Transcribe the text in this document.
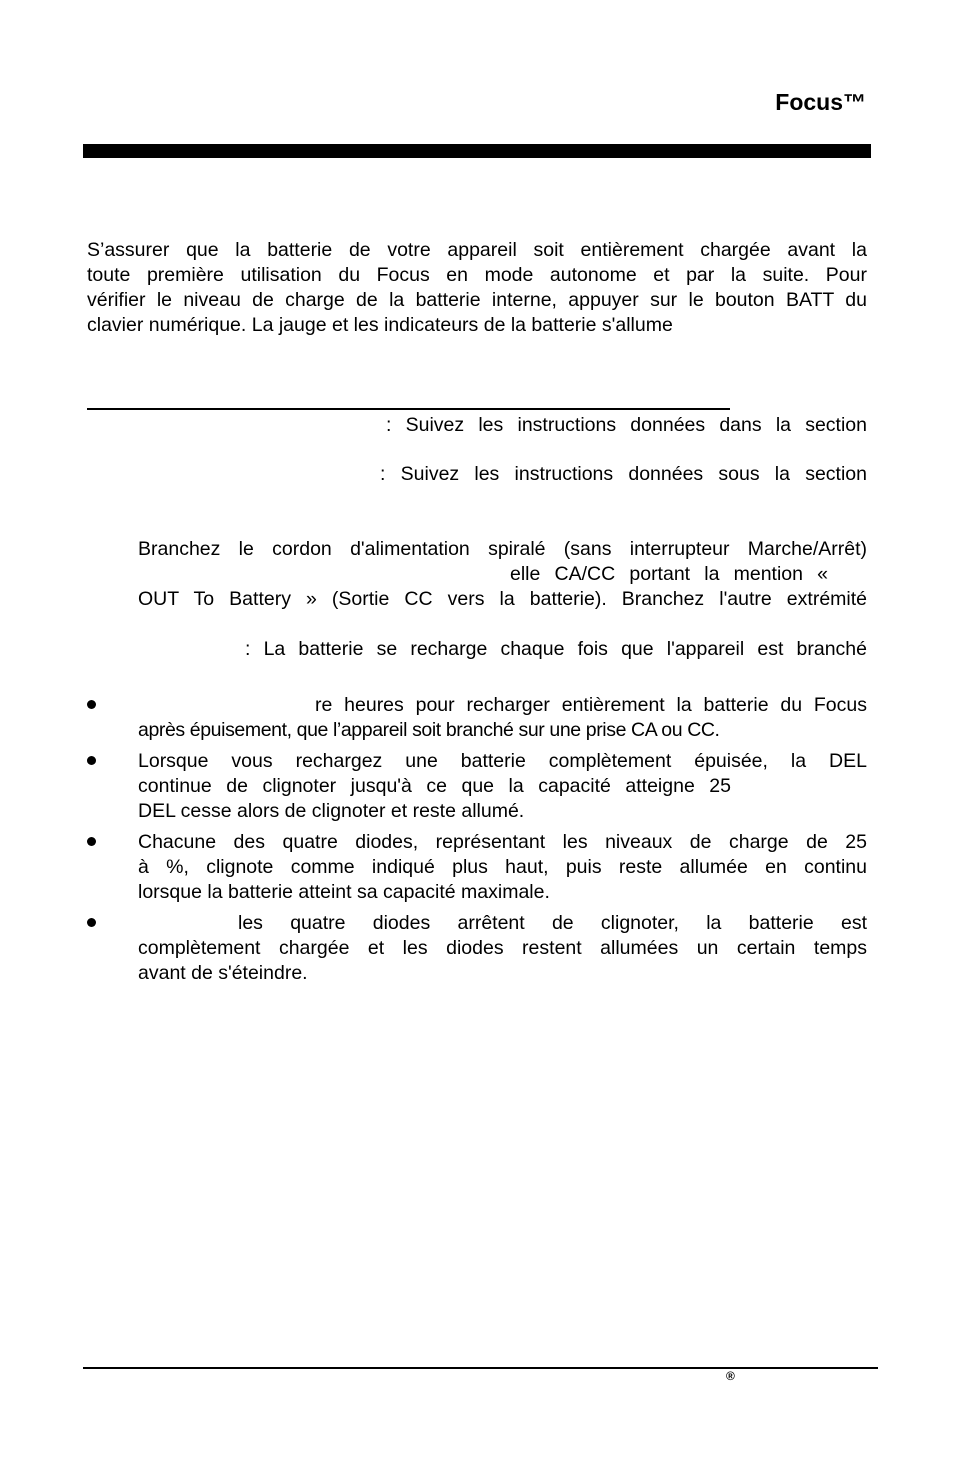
Focus™
S’assurer que la batterie de votre appareil soit entièrement chargée avant la
toute première utilisation du Focus en mode autonome et par la suite. Pour
vérifier le niveau de charge de la batterie interne, appuyer sur le bouton BATT du
clavier numérique. La jauge et les indicateurs de la batterie s'allume
: Suivez les instructions données dans la section
: Suivez les instructions données sous la section
Branchez le cordon d'alimentation spiralé (sans interrupteur Marche/Arrêt)
elle CA/CC portant la mention «
OUT To Battery » (Sortie CC vers la batterie). Branchez l'autre extrémité
: La batterie se recharge chaque fois que l'appareil est branché
re heures pour recharger entièrement la batterie du Focus
après épuisement, que l’appareil soit branché sur une prise CA ou CC.
Lorsque vous rechargez une batterie complètement épuisée, la DEL
continue de clignoter jusqu'à ce que la capacité atteigne 25
DEL cesse alors de clignoter et reste allumé.
Chacune des quatre diodes, représentant les niveaux de charge de 25
à %, clignote comme indiqué plus haut, puis reste allumée en continu
lorsque la batterie atteint sa capacité maximale.
les quatre diodes arrêtent de clignoter, la batterie est
complètement chargée et les diodes restent allumées un certain temps
avant de s'éteindre.
®
